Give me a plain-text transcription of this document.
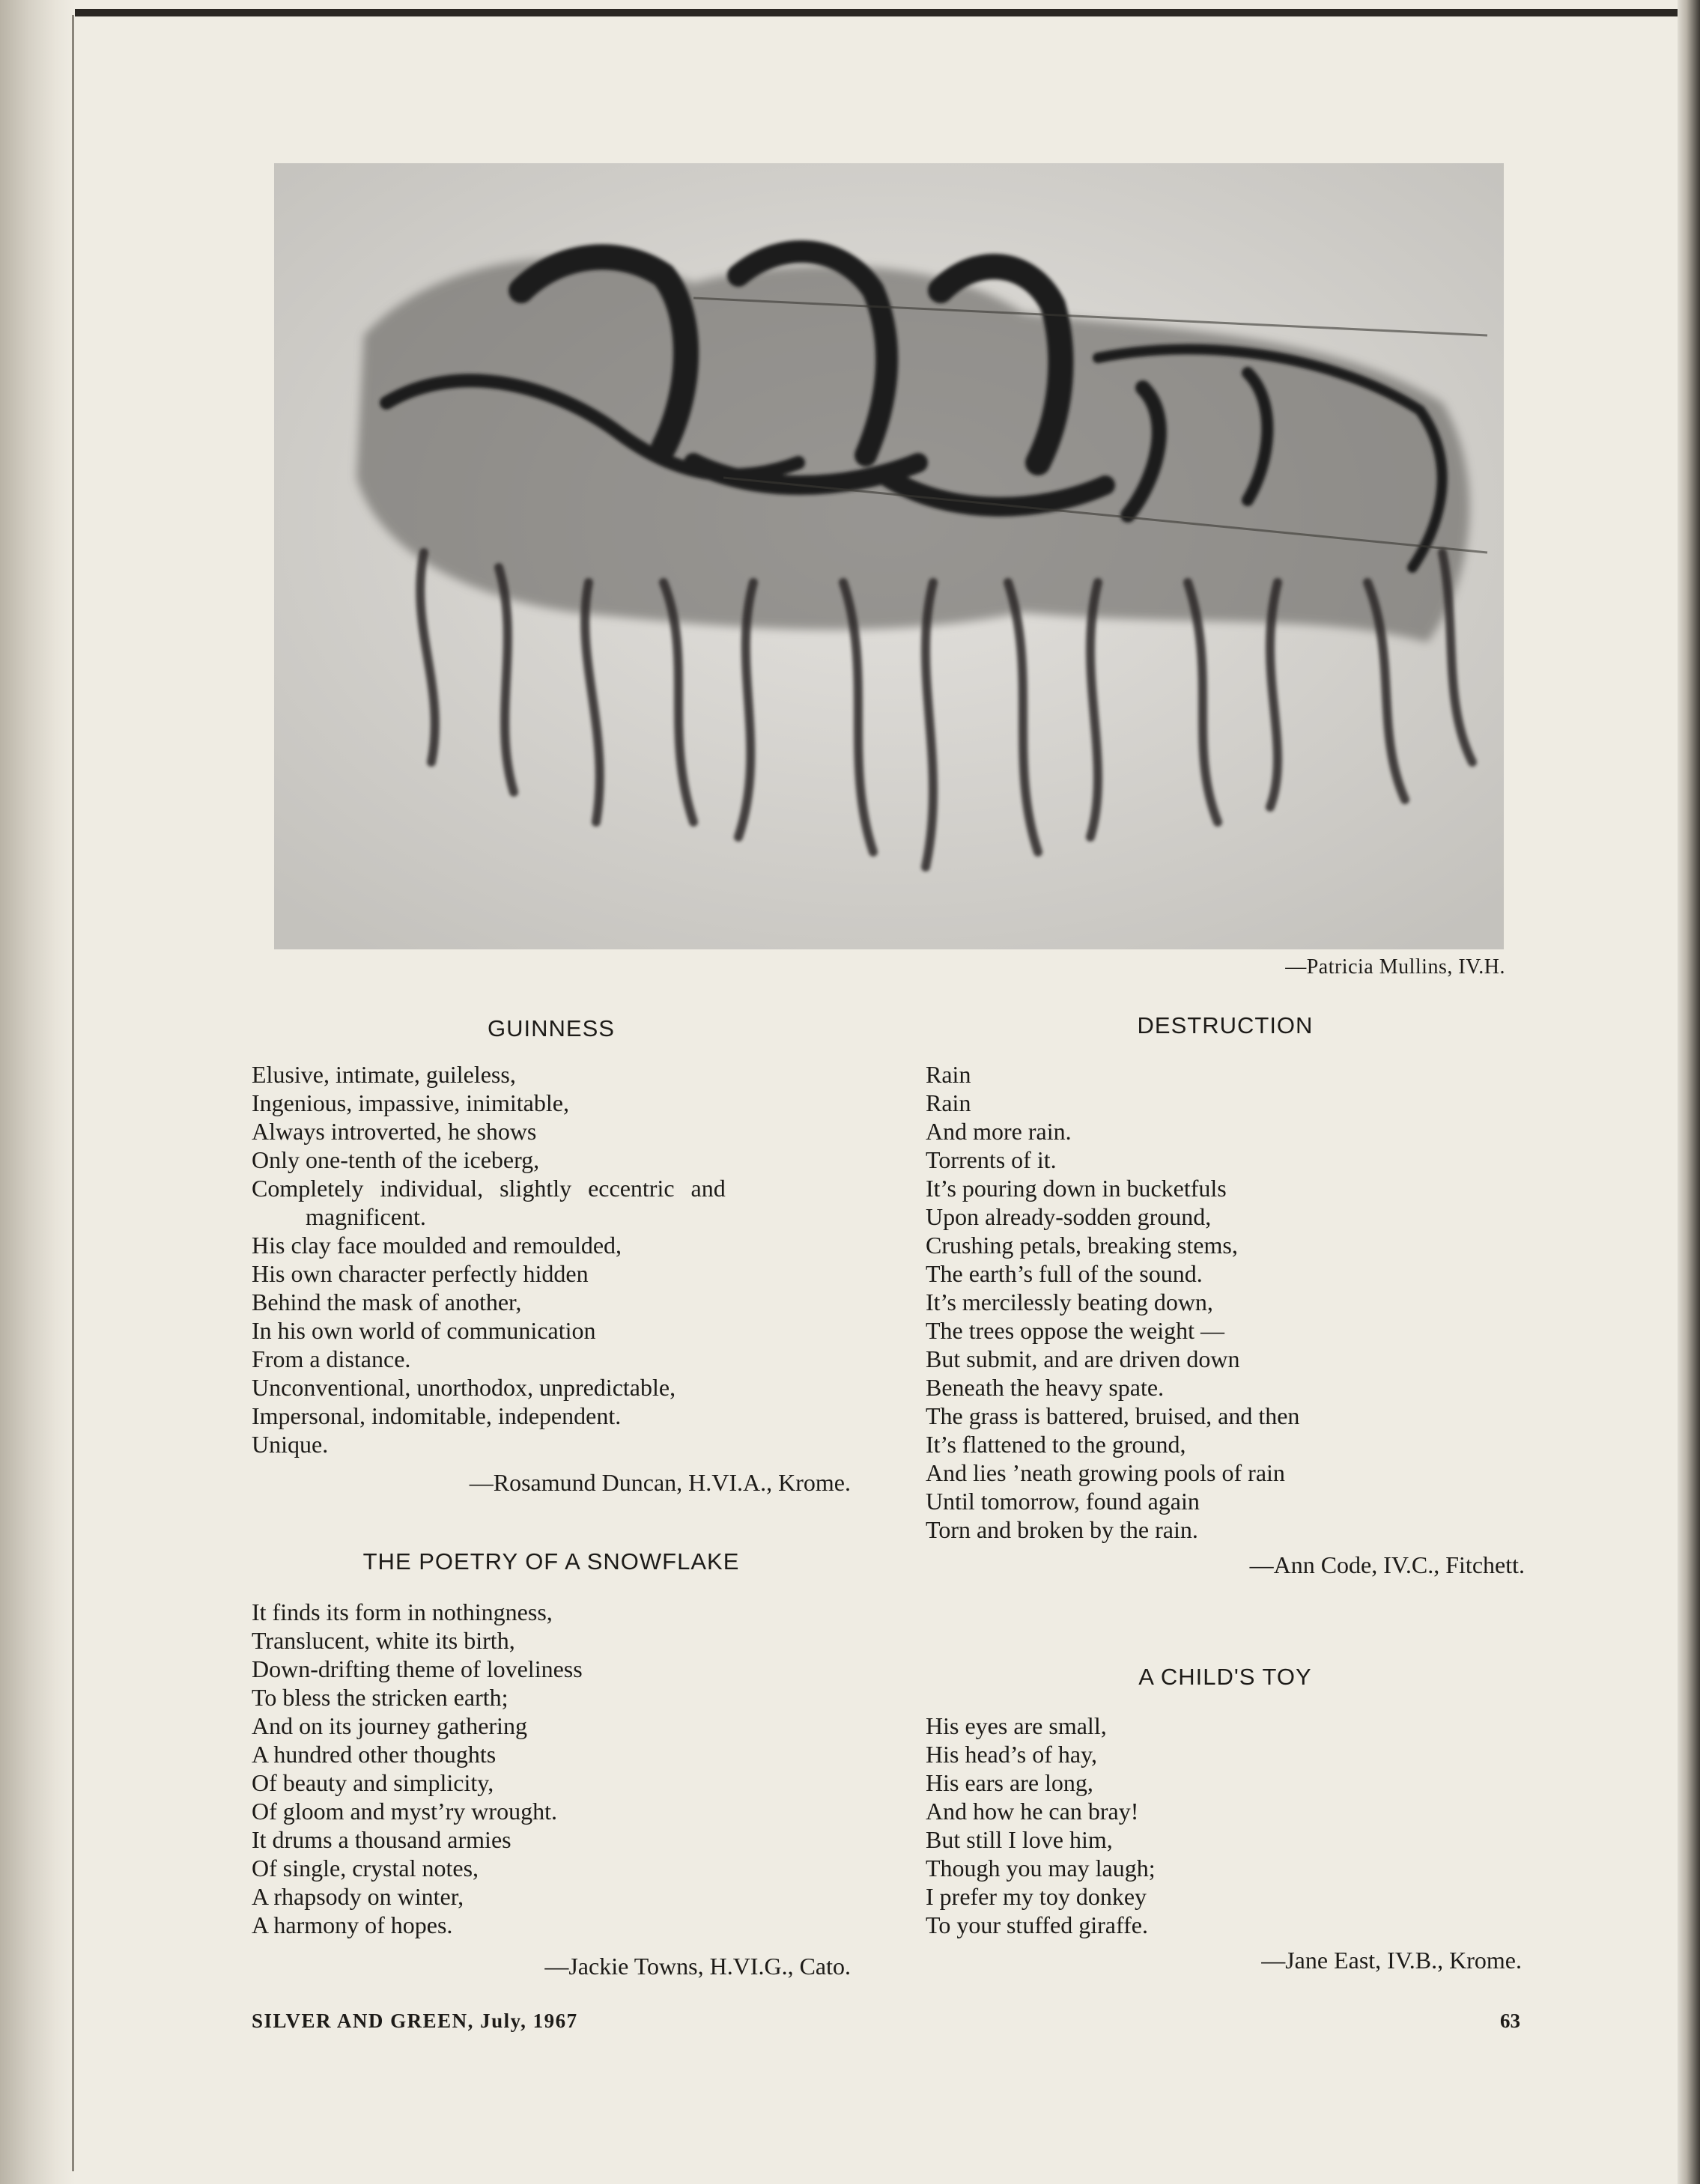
—Patricia Mullins, IV.H.
GUINNESS
Elusive, intimate, guileless,
Ingenious, impassive, inimitable,
Always introverted, he shows
Only one-tenth of the iceberg,
Completely individual, slightly eccentric and
magnificent.
His clay face moulded and remoulded,
His own character perfectly hidden
Behind the mask of another,
In his own world of communication
From a distance.
Unconventional, unorthodox, unpredictable,
Impersonal, indomitable, independent.
Unique.
—Rosamund Duncan, H.VI.A., Krome.
THE POETRY OF A SNOWFLAKE
It finds its form in nothingness,
Translucent, white its birth,
Down-drifting theme of loveliness
To bless the stricken earth;
And on its journey gathering
A hundred other thoughts
Of beauty and simplicity,
Of gloom and myst’ry wrought.
It drums a thousand armies
Of single, crystal notes,
A rhapsody on winter,
A harmony of hopes.
—Jackie Towns, H.VI.G., Cato.
DESTRUCTION
Rain
Rain
And more rain.
Torrents of it.
It’s pouring down in bucketfuls
Upon already-sodden ground,
Crushing petals, breaking stems,
The earth’s full of the sound.
It’s mercilessly beating down,
The trees oppose the weight —
But submit, and are driven down
Beneath the heavy spate.
The grass is battered, bruised, and then
It’s flattened to the ground,
And lies ’neath growing pools of rain
Until tomorrow, found again
Torn and broken by the rain.
—Ann Code, IV.C., Fitchett.
A CHILD'S TOY
His eyes are small,
His head’s of hay,
His ears are long,
And how he can bray!
But still I love him,
Though you may laugh;
I prefer my toy donkey
To your stuffed giraffe.
—Jane East, IV.B., Krome.
SILVER AND GREEN, July, 1967	63
